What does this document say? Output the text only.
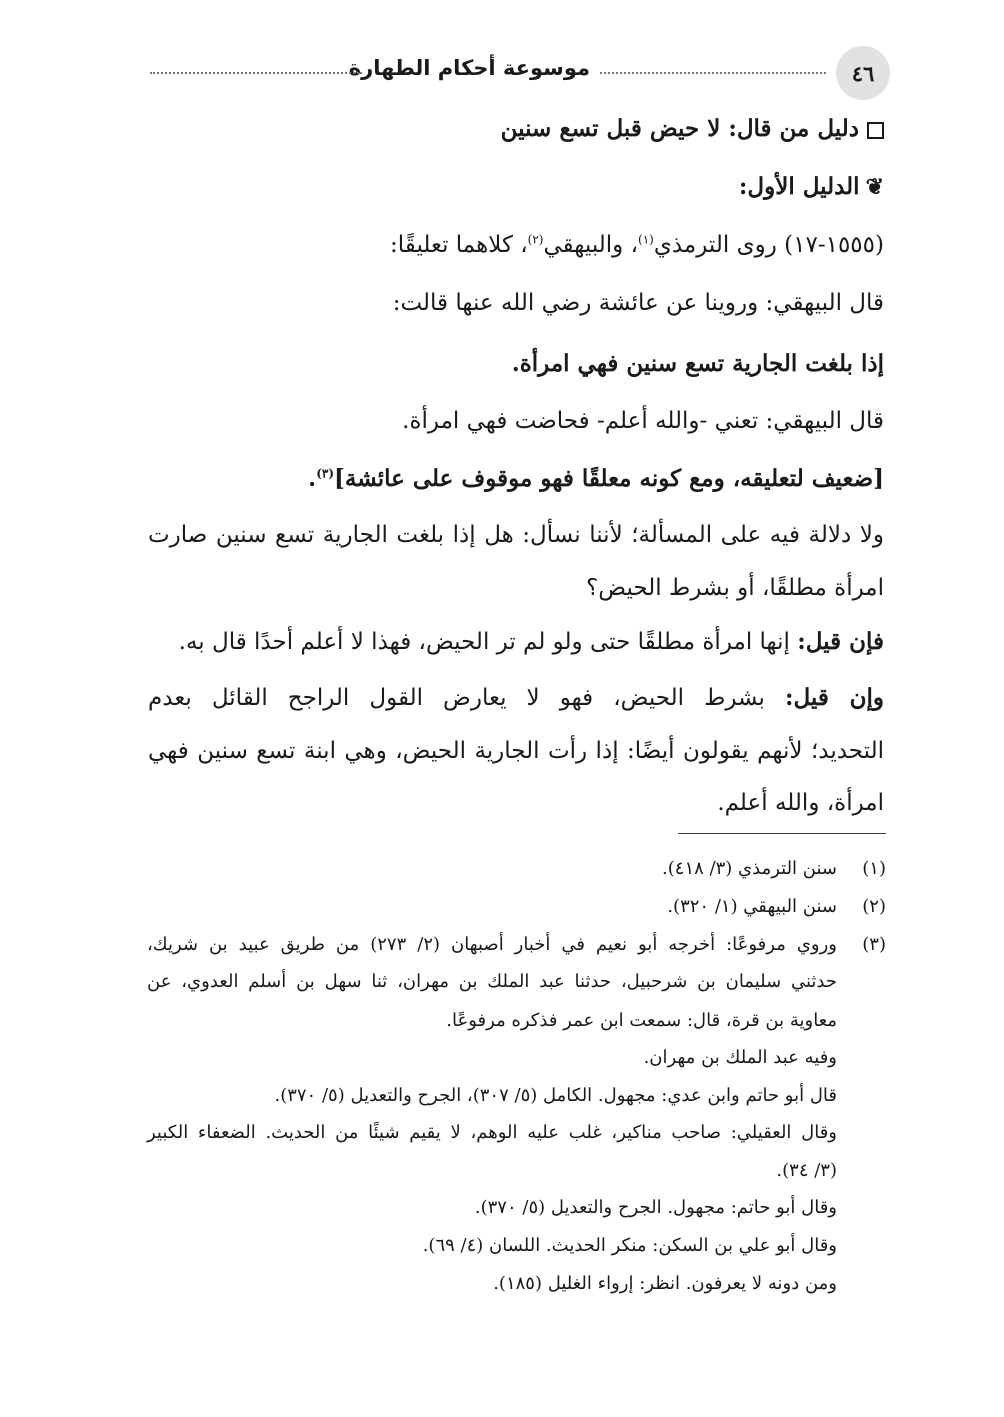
٤٦
موسوعة أحكام الطهارة
دليل من قال: لا حيض قبل تسع سنين
❦الدليل الأول:
(١٥٥٥-١٧) روى الترمذي$^{(١)}$، والبيهقي$^{(٢)}$، كلاهما تعليقًا:
قال البيهقي: وروينا عن عائشة رضي الله عنها قالت:
إذا بلغت الجارية تسع سنين فهي امرأة.
قال البيهقي: تعني -والله أعلم- فحاضت فهي امرأة.
[ضعيف لتعليقه، ومع كونه معلقًا فهو موقوف على عائشة]$^{(٣)}$.
ولا دلالة فيه على المسألة؛ لأننا نسأل: هل إذا بلغت الجارية تسع سنين صارت
امرأة مطلقًا، أو بشرط الحيض؟
فإن قيل: إنها امرأة مطلقًا حتى ولو لم تر الحيض، فهذا لا أعلم أحدًا قال به.
وإن قيل: بشرط الحيض، فهو لا يعارض القول الراجح القائل بعدم
التحديد؛ لأنهم يقولون أيضًا: إذا رأت الجارية الحيض، وهي ابنة تسع سنين فهي
امرأة، والله أعلم.
(١)
سنن الترمذي (٣/ ٤١٨).
(٢)
سنن البيهقي (١/ ٣٢٠).
(٣)
وروي مرفوعًا: أخرجه أبو نعيم في أخبار أصبهان (٢/ ٢٧٣) من طريق عبيد بن شريك،
حدثني سليمان بن شرحبيل، حدثنا عبد الملك بن مهران، ثنا سهل بن أسلم العدوي، عن
معاوية بن قرة، قال: سمعت ابن عمر فذكره مرفوعًا.
وفيه عبد الملك بن مهران.
قال أبو حاتم وابن عدي: مجهول. الكامل (٥/ ٣٠٧)، الجرح والتعديل (٥/ ٣٧٠).
وقال العقيلي: صاحب مناكير، غلب عليه الوهم، لا يقيم شيئًا من الحديث. الضعفاء الكبير
(٣/ ٣٤).
وقال أبو حاتم: مجهول. الجرح والتعديل (٥/ ٣٧٠).
وقال أبو علي بن السكن: منكر الحديث. اللسان (٤/ ٦٩).
ومن دونه لا يعرفون. انظر: إرواء الغليل (١٨٥).
